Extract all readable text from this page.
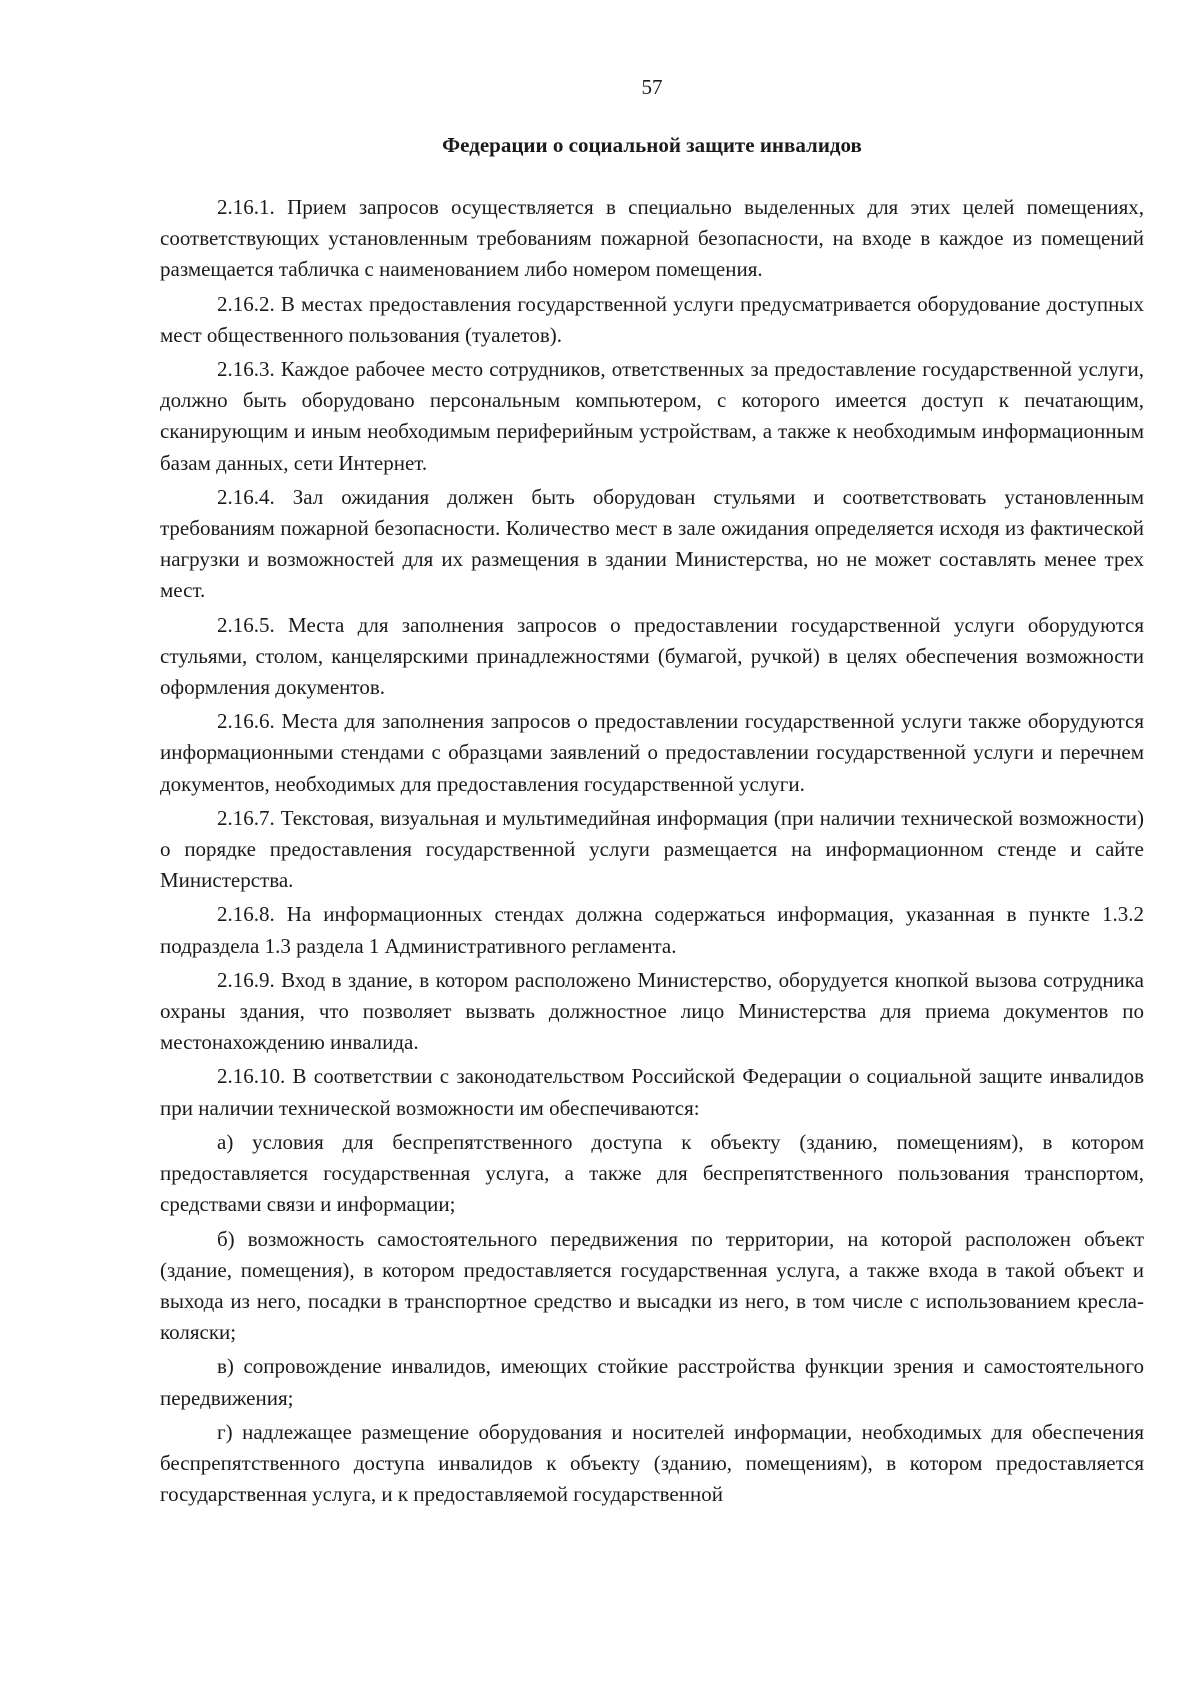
57
Федерации о социальной защите инвалидов

2.16.1. Прием запросов осуществляется в специально выделенных для этих целей помещениях, соответствующих установленным требованиям пожарной безопасности, на входе в каждое из помещений размещается табличка с наименованием либо номером помещения.

2.16.2. В местах предоставления государственной услуги предусматривается оборудование доступных мест общественного пользования (туалетов).

2.16.3. Каждое рабочее место сотрудников, ответственных за предоставление государственной услуги, должно быть оборудовано персональным компьютером, с которого имеется доступ к печатающим, сканирующим и иным необходимым периферийным устройствам, а также к необходимым информационным базам данных, сети Интернет.

2.16.4. Зал ожидания должен быть оборудован стульями и соответствовать установленным требованиям пожарной безопасности. Количество мест в зале ожидания определяется исходя из фактической нагрузки и возможностей для их размещения в здании Министерства, но не может составлять менее трех мест.

2.16.5. Места для заполнения запросов о предоставлении государственной услуги оборудуются стульями, столом, канцелярскими принадлежностями (бумагой, ручкой) в целях обеспечения возможности оформления документов.

2.16.6. Места для заполнения запросов о предоставлении государственной услуги также оборудуются информационными стендами с образцами заявлений о предоставлении государственной услуги и перечнем документов, необходимых для предоставления государственной услуги.

2.16.7. Текстовая, визуальная и мультимедийная информация (при наличии технической возможности) о порядке предоставления государственной услуги размещается на информационном стенде и сайте Министерства.

2.16.8. На информационных стендах должна содержаться информация, указанная в пункте 1.3.2 подраздела 1.3 раздела 1 Административного регламента.

2.16.9. Вход в здание, в котором расположено Министерство, оборудуется кнопкой вызова сотрудника охраны здания, что позволяет вызвать должностное лицо Министерства для приема документов по местонахождению инвалида.

2.16.10. В соответствии с законодательством Российской Федерации о социальной защите инвалидов при наличии технической возможности им обеспечиваются:

а) условия для беспрепятственного доступа к объекту (зданию, помещениям), в котором предоставляется государственная услуга, а также для беспрепятственного пользования транспортом, средствами связи и информации;

б) возможность самостоятельного передвижения по территории, на которой расположен объект (здание, помещения), в котором предоставляется государственная услуга, а также входа в такой объект и выхода из него, посадки в транспортное средство и высадки из него, в том числе с использованием кресла-коляски;

в) сопровождение инвалидов, имеющих стойкие расстройства функции зрения и самостоятельного передвижения;

г) надлежащее размещение оборудования и носителей информации, необходимых для обеспечения беспрепятственного доступа инвалидов к объекту (зданию, помещениям), в котором предоставляется государственная услуга, и к предоставляемой государственной
